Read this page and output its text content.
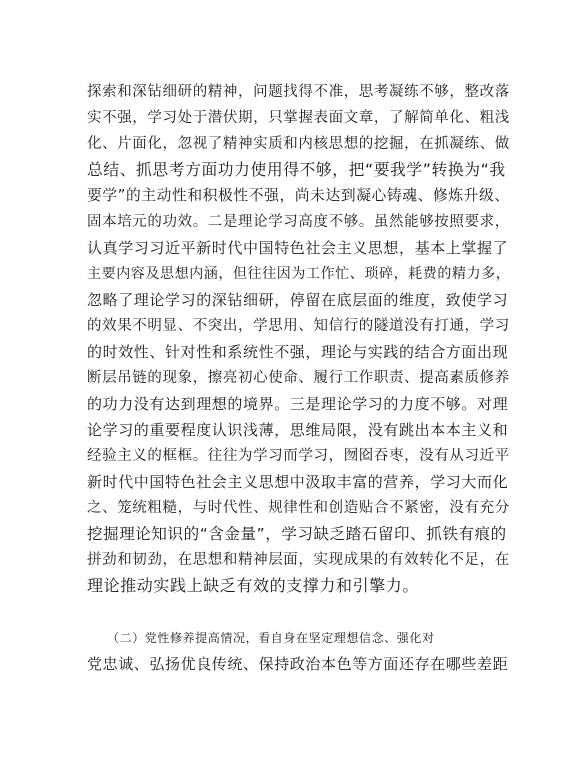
探索和深钻细研的精神，问题找得不准，思考凝练不够，整改落
实不强，学习处于潜伏期，只掌握表面文章，了解简单化、粗浅
化、片面化，忽视了精神实质和内核思想的挖掘，在抓凝练、做
总结、抓思考方面功力使用得不够，把“要我学”转换为“我
要学”的主动性和积极性不强，尚未达到凝心铸魂、修炼升级、
固本培元的功效。二是理论学习高度不够。虽然能够按照要求，
认真学习习近平新时代中国特色社会主义思想，基本上掌握了
主要内容及思想内涵，但往往因为工作忙、琐碎，耗费的精力多，
忽略了理论学习的深钻细研，停留在底层面的维度，致使学习
的效果不明显、不突出，学思用、知信行的隧道没有打通，学习
的时效性、针对性和系统性不强，理论与实践的结合方面出现
断层吊链的现象，擦亮初心使命、履行工作职责、提高素质修养
的功力没有达到理想的境界。三是理论学习的力度不够。对理
论学习的重要程度认识浅薄，思维局限，没有跳出本本主义和
经验主义的框框。往往为学习而学习，囫囵吞枣，没有从习近平
新时代中国特色社会主义思想中汲取丰富的营养，学习大而化
之、笼统粗糙，与时代性、规律性和创造贴合不紧密，没有充分
挖掘理论知识的“含金量”，学习缺乏踏石留印、抓铁有痕的
拼劲和韧劲，在思想和精神层面，实现成果的有效转化不足，在
理论推动实践上缺乏有效的支撑力和引擎力。
（二）党性修养提高情况，看自身在坚定理想信念、强化对
党忠诚、弘扬优良传统、保持政治本色等方面还存在哪些差距
